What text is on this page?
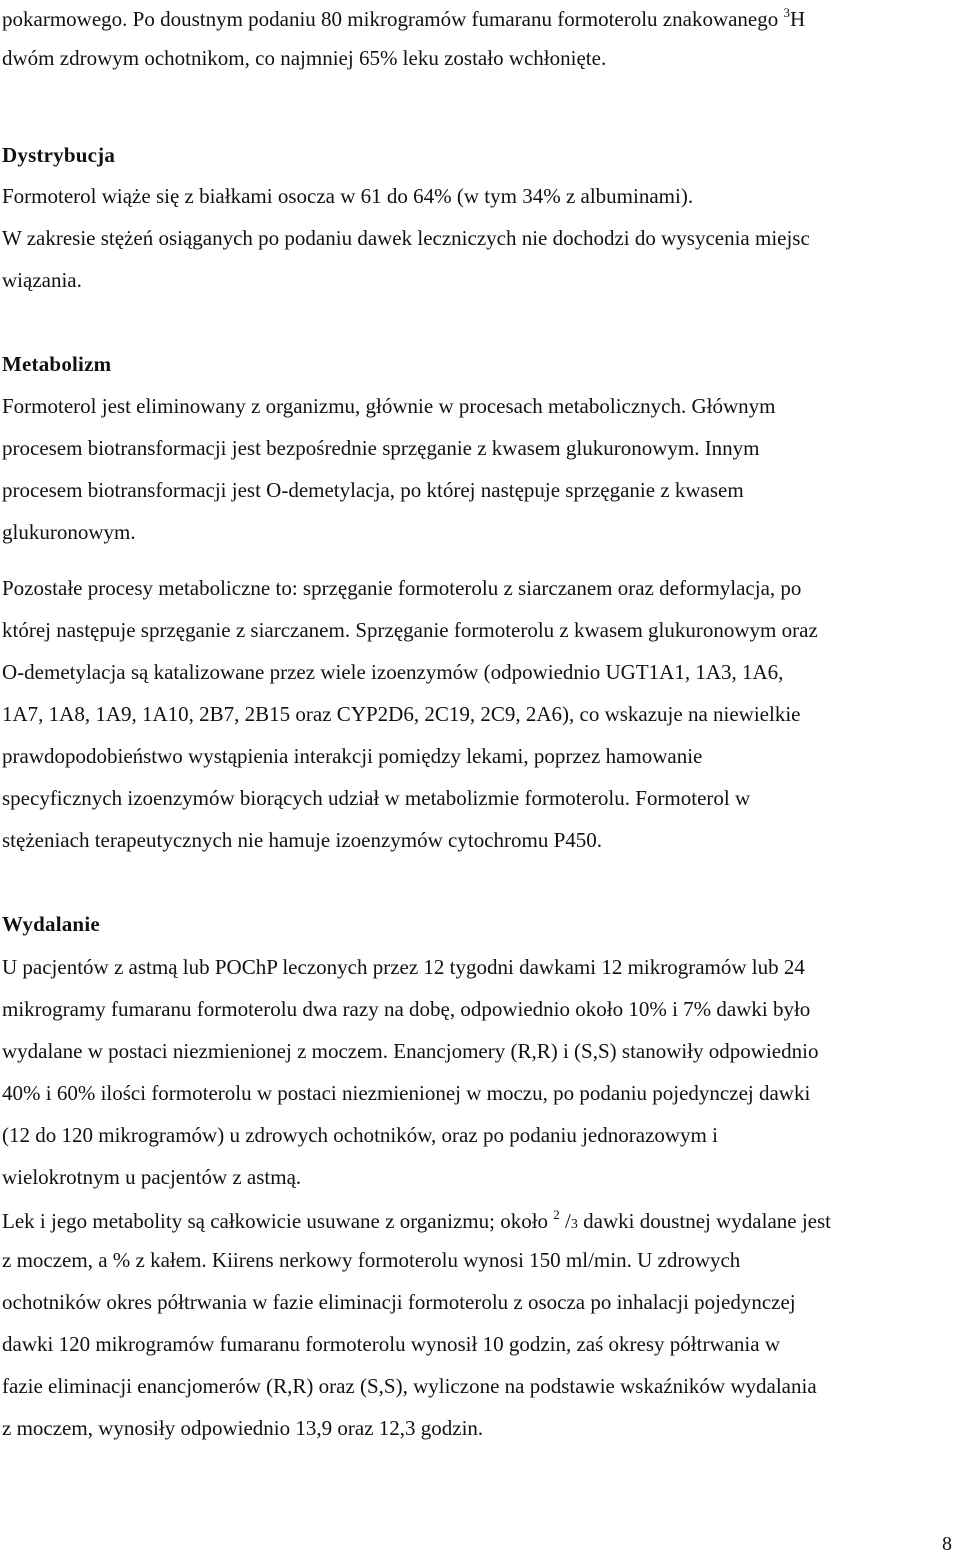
pokarmowego. Po doustnym podaniu 80 mikrogramów fumaranu formoterolu znakowanego $^3$H
dwóm zdrowym ochotnikom, co najmniej 65% leku zostało wchłonięte.
Dystrybucja
Formoterol wiąże się z białkami osocza w 61 do 64% (w tym 34% z albuminami).
W zakresie stężeń osiąganych po podaniu dawek leczniczych nie dochodzi do wysycenia miejsc
wiązania.
Metabolizm
Formoterol jest eliminowany z organizmu, głównie w procesach metabolicznych. Głównym
procesem biotransformacji jest bezpośrednie sprzęganie z kwasem glukuronowym. Innym
procesem biotransformacji jest O-demetylacja, po której następuje sprzęganie z kwasem
glukuronowym.
Pozostałe procesy metaboliczne to: sprzęganie formoterolu z siarczanem oraz deformylacja, po
której następuje sprzęganie z siarczanem. Sprzęganie formoterolu z kwasem glukuronowym oraz
O-demetylacja są katalizowane przez wiele izoenzymów (odpowiednio UGT1A1, 1A3, 1A6,
1A7, 1A8, 1A9, 1A10, 2B7, 2B15 oraz CYP2D6, 2C19, 2C9, 2A6), co wskazuje na niewielkie
prawdopodobieństwo wystąpienia interakcji pomiędzy lekami, poprzez hamowanie
specyficznych izoenzymów biorących udział w metabolizmie formoterolu. Formoterol w
stężeniach terapeutycznych nie hamuje izoenzymów cytochromu P450.
Wydalanie
U pacjentów z astmą lub POChP leczonych przez 12 tygodni dawkami 12 mikrogramów lub 24
mikrogramy fumaranu formoterolu dwa razy na dobę, odpowiednio około 10% i 7% dawki było
wydalane w postaci niezmienionej z moczem. Enancjomery (R,R) i (S,S) stanowiły odpowiednio
40% i 60% ilości formoterolu w postaci niezmienionej w moczu, po podaniu pojedynczej dawki
(12 do 120 mikrogramów) u zdrowych ochotników, oraz po podaniu jednorazowym i
wielokrotnym u pacjentów z astmą.
Lek i jego metabolity są całkowicie usuwane z organizmu; około $^2$ /3 dawki doustnej wydalane jest
z moczem, a % z kałem. Kiirens nerkowy formoterolu wynosi 150 ml/min. U zdrowych
ochotników okres półtrwania w fazie eliminacji formoterolu z osocza po inhalacji pojedynczej
dawki 120 mikrogramów fumaranu formoterolu wynosił 10 godzin, zaś okresy półtrwania w
fazie eliminacji enancjomerów (R,R) oraz (S,S), wyliczone na podstawie wskaźników wydalania
z moczem, wynosiły odpowiednio 13,9 oraz 12,3 godzin.
8
